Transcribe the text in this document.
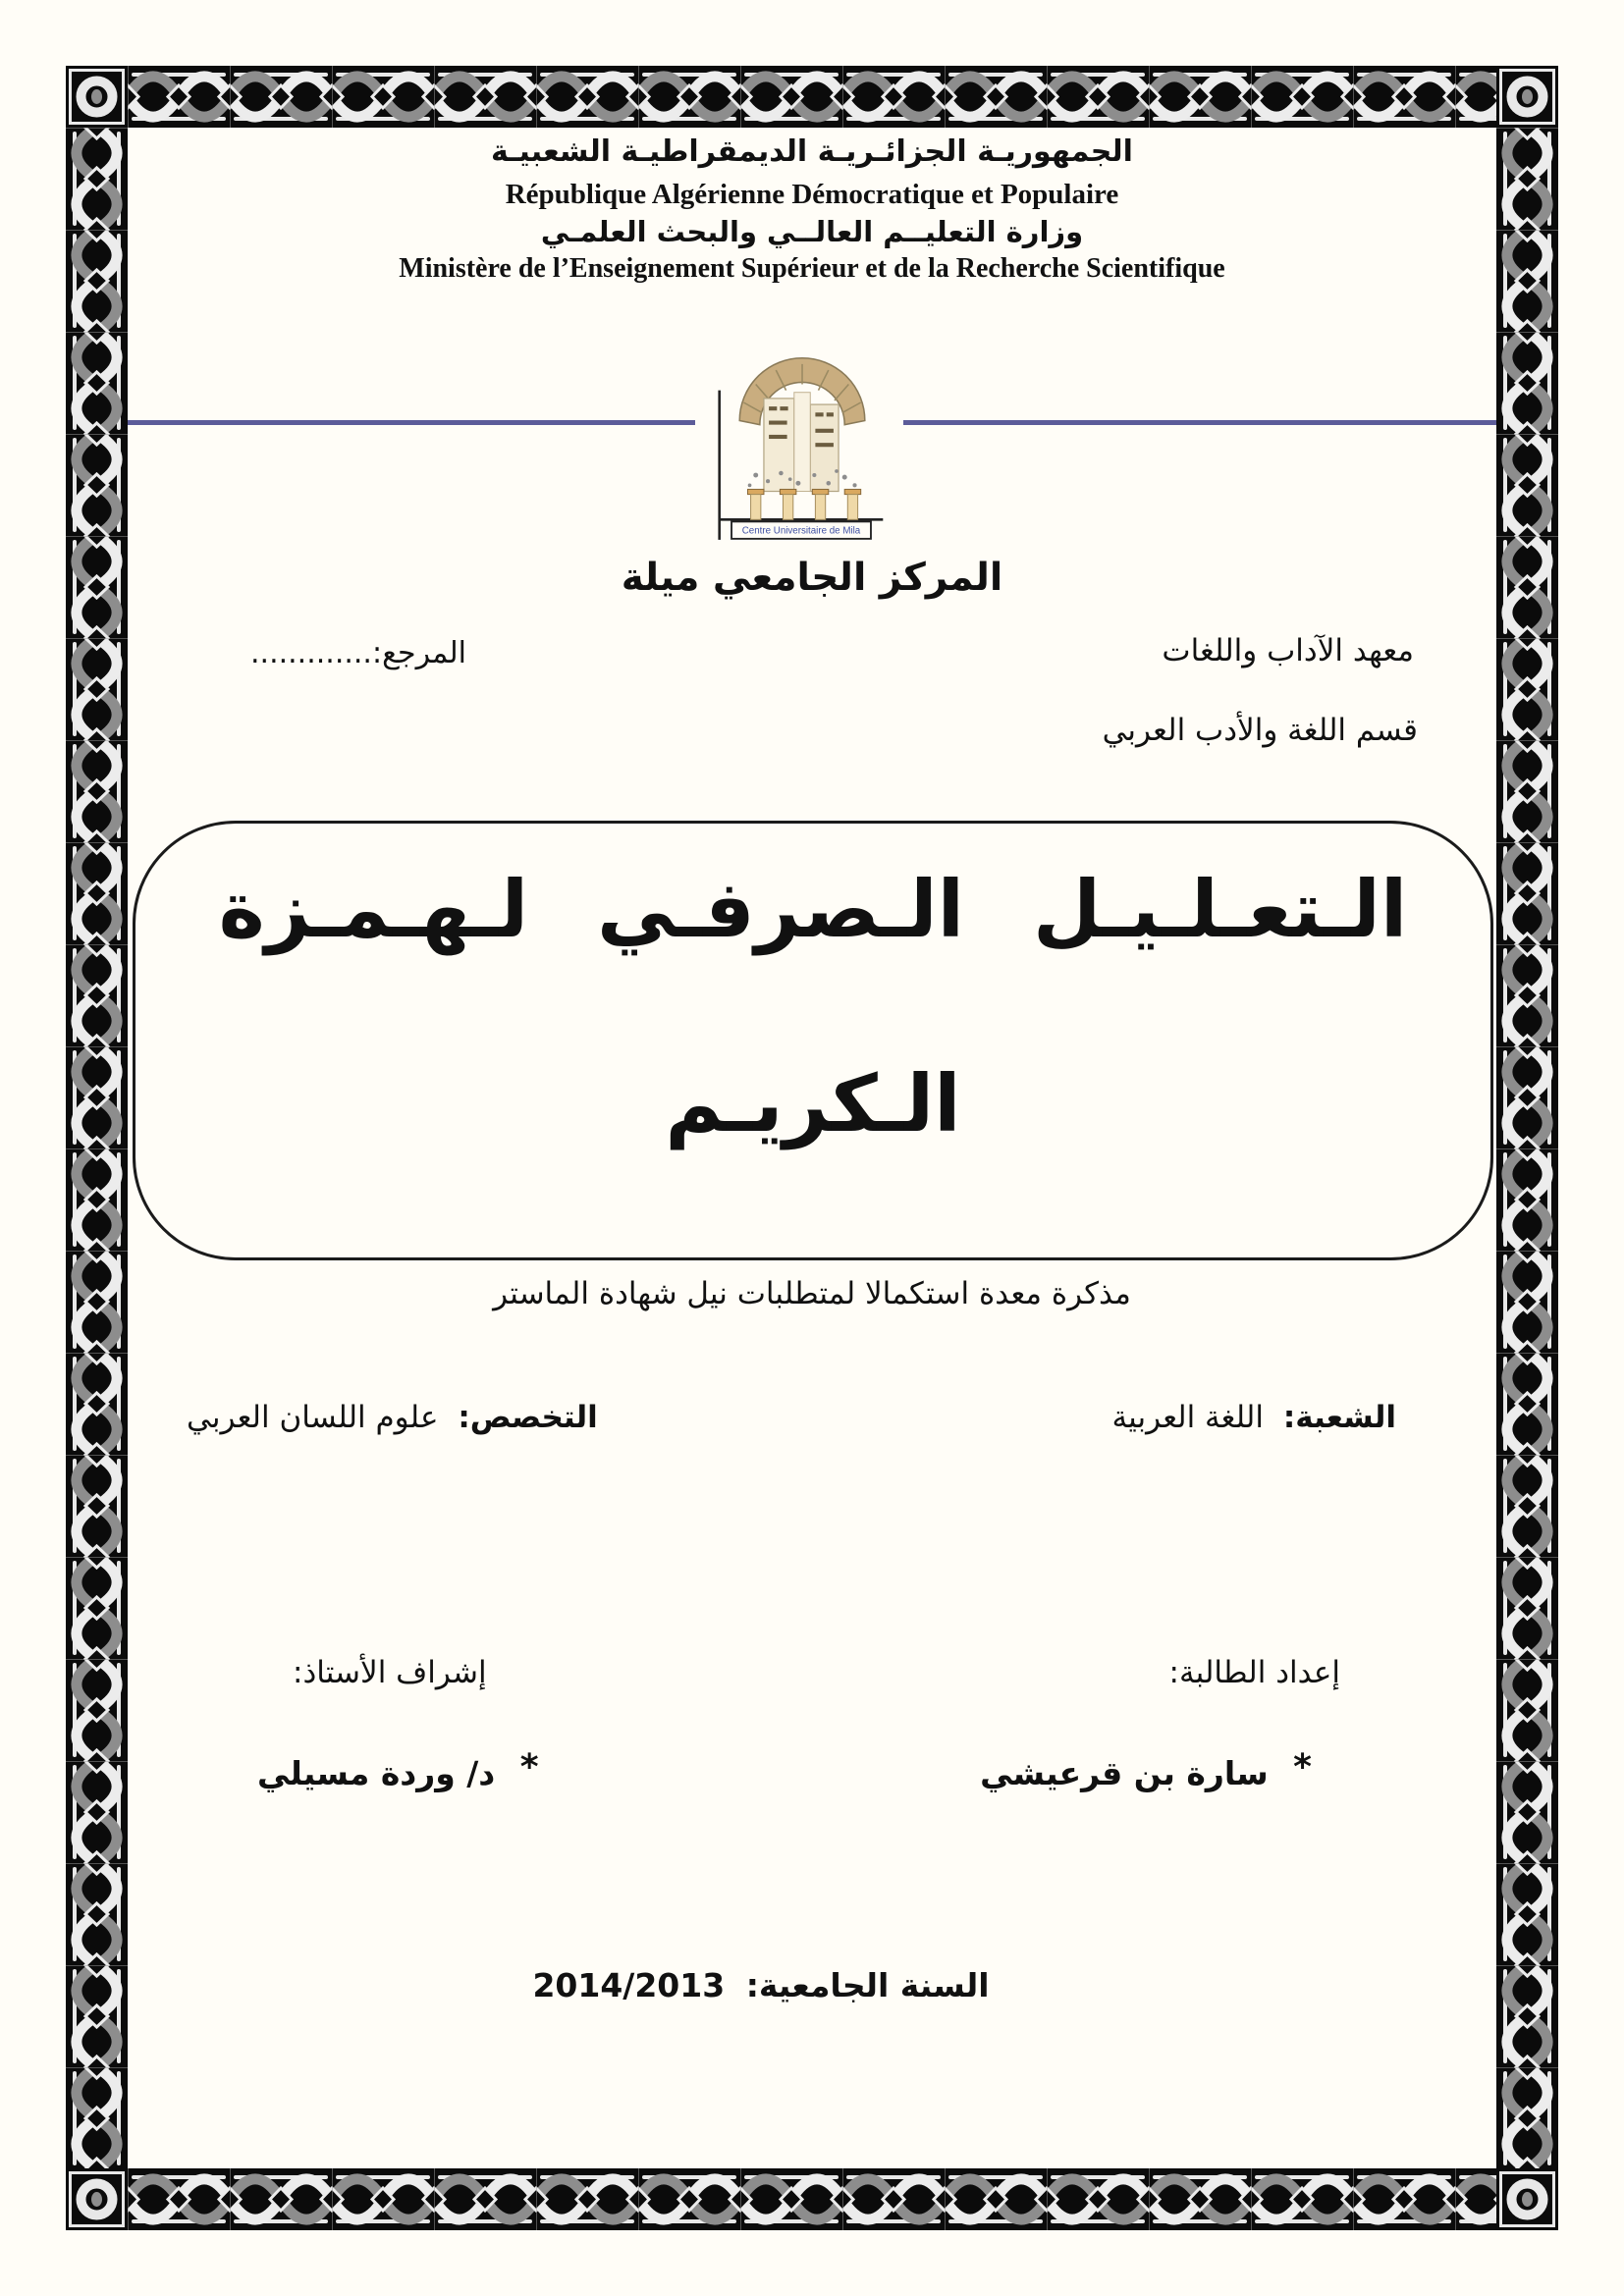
الجمهوريـة الجزائـريـة الديمقراطيـة الشعبيـة
République Algérienne Démocratique et Populaire
وزارة التعليــم العالــي والبحث العلمـي
Ministère de l’Enseignement Supérieur et de la Recherche Scientifique
Centre Universitaire de Mila
المركز الجامعي ميلة
معهد الآداب واللغات
المرجع:.............
قسم اللغة والأدب العربي
الـتعـلـيـل الـصرفـي لـهـمـزة
الـكريـم
مذكرة معدة استكمالا لمتطلبات نيل شهادة الماستر
الشعبة: اللغة العربية
التخصص: علوم اللسان العربي
إعداد الطالبة:
إشراف الأستاذ:
* سارة بن قرعيشي
* د/ وردة مسيلي
السنة الجامعية: 2014/2013
